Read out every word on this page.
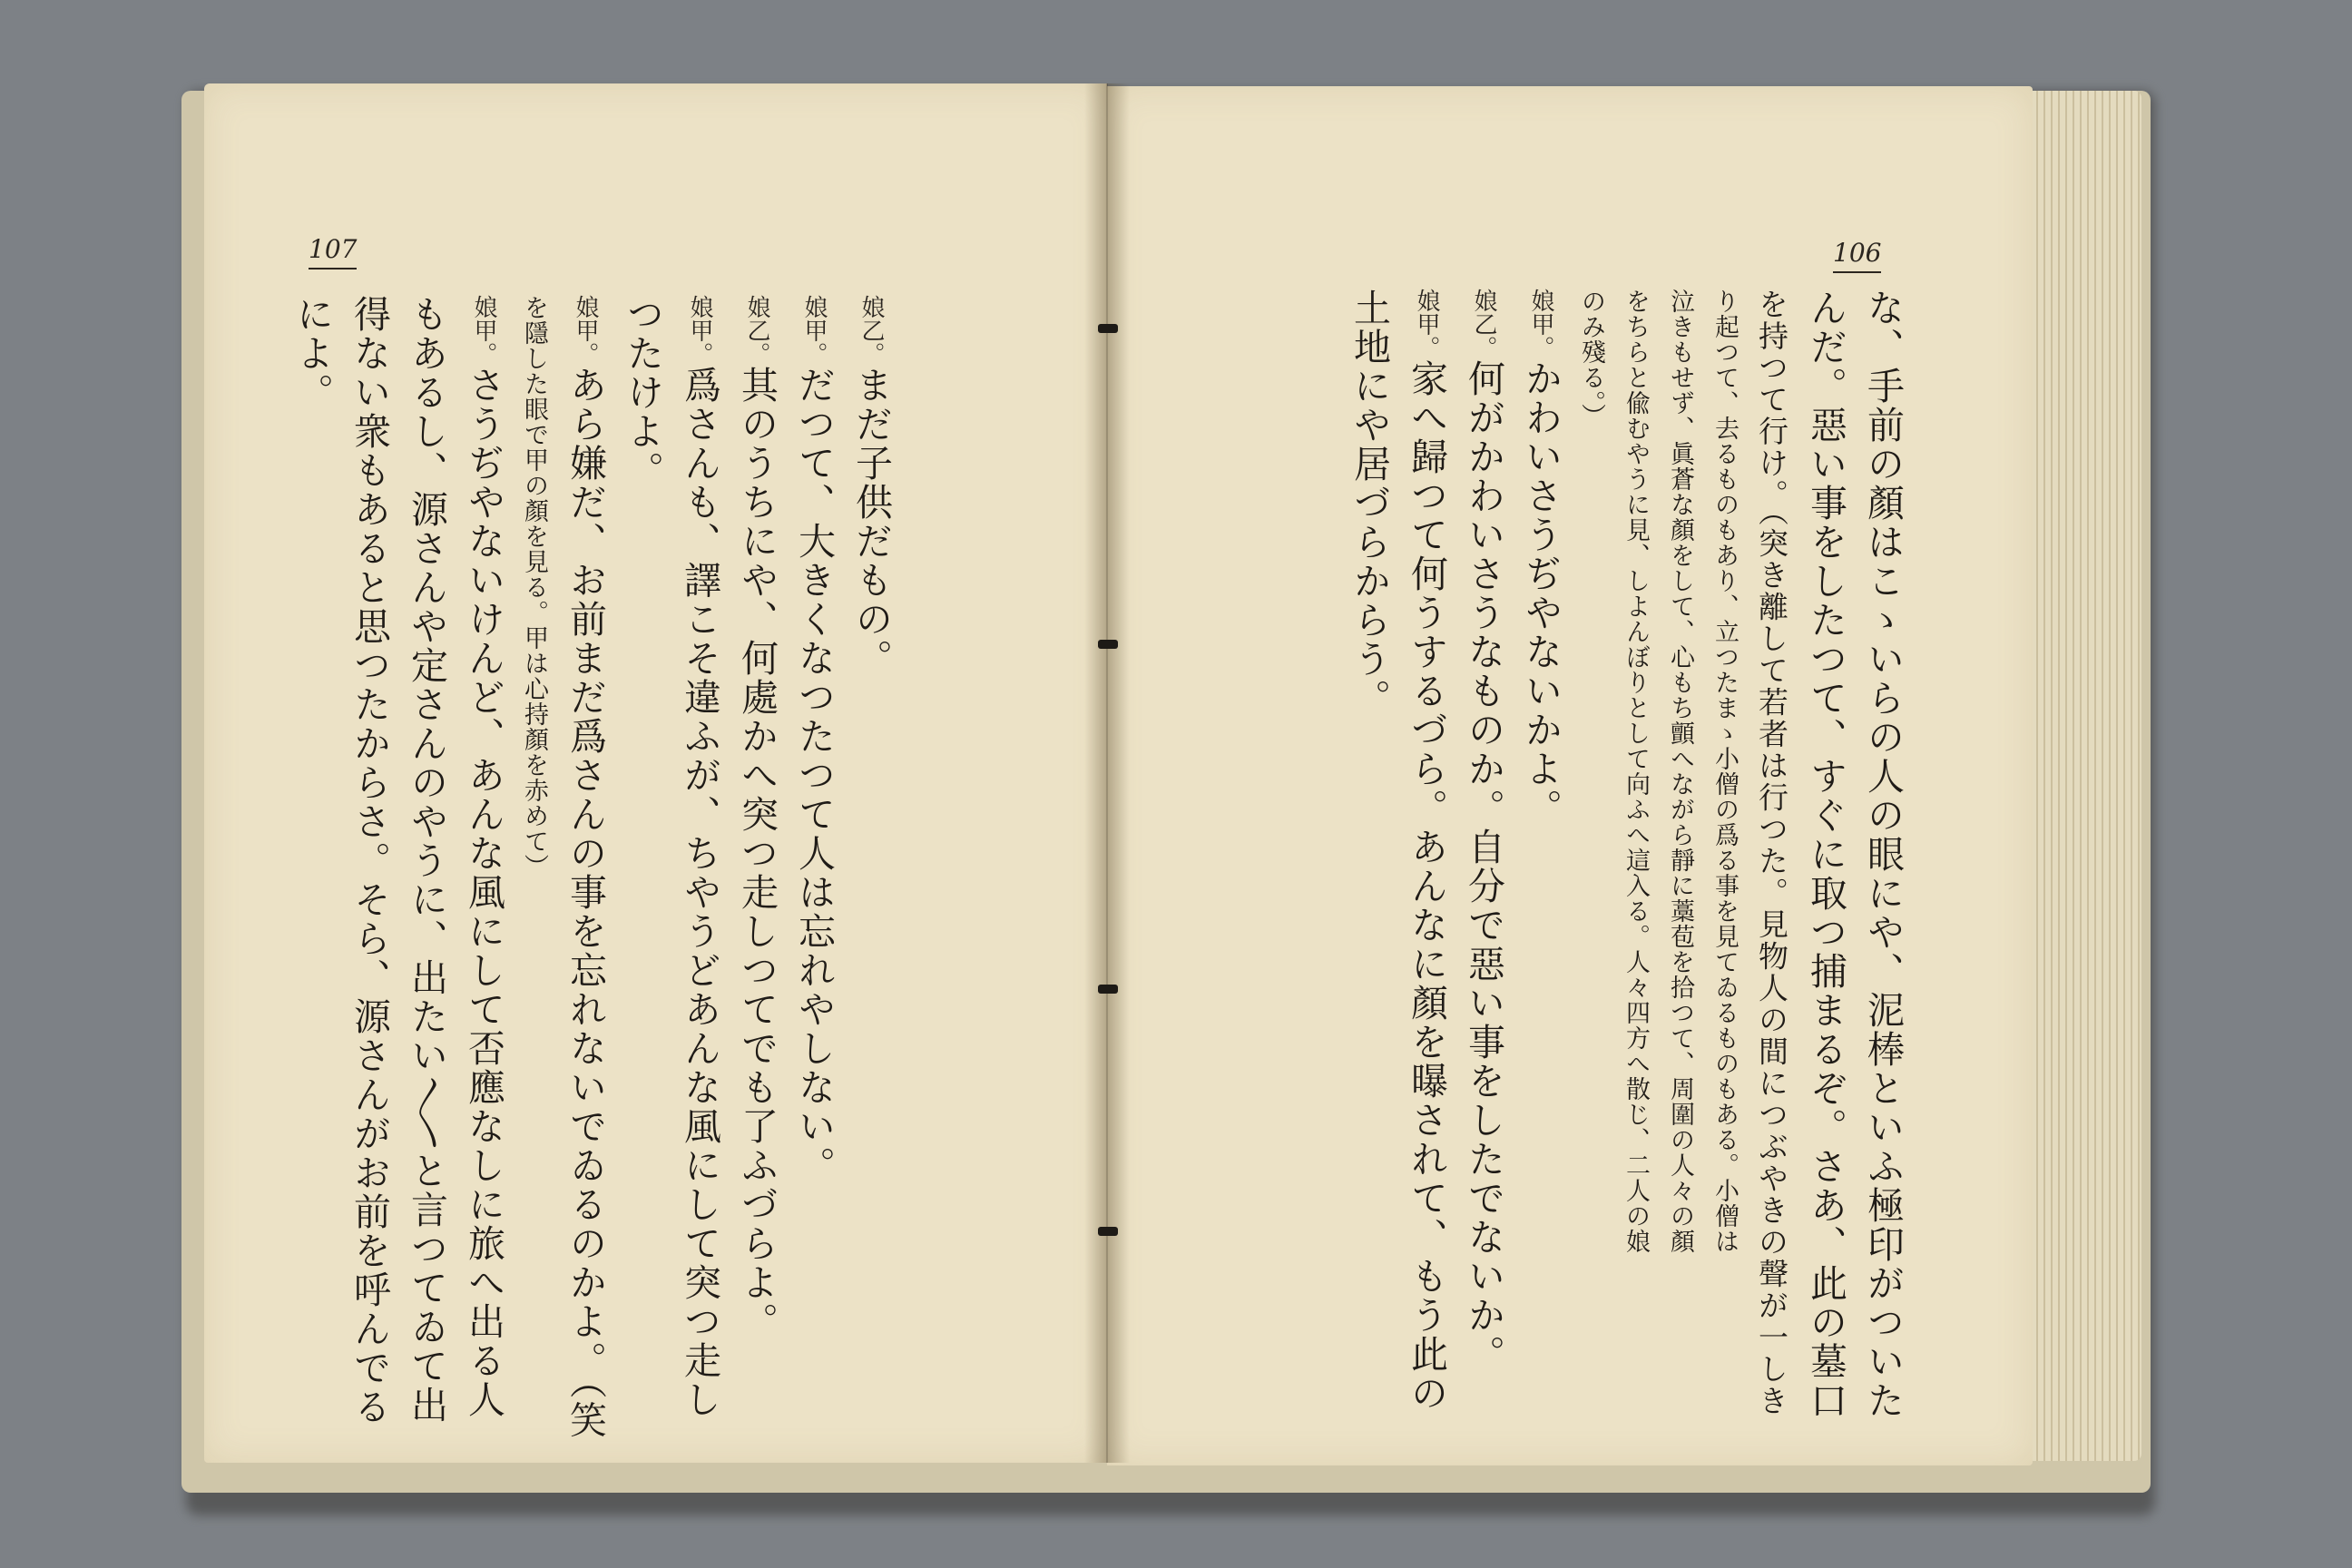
107	106
娘乙。まだ子供だもの。
娘甲。だつて、大きくなつたつて人は忘れやしない。
娘乙。其のうちにや、何處かへ突つ走しつてでも了ふづらよ。
娘甲。爲さんも、譯こそ違ふが、ちやうどあんな風にして突つ走し
つたけよ。
娘甲。あら嫌だ、お前まだ爲さんの事を忘れないでゐるのかよ。（笑
を隱した眼で甲の顏を見る。甲は心持顏を赤めて）
娘甲。さうぢやないけんど、あんな風にして否應なしに旅へ出る人
もあるし、源さんや定さんのやうに、出たい〳〵と言つてゐて出
得ない衆もあると思つたからさ。そら、源さんがお前を呼んでる
によ。	な、手前の顏はこゝいらの人の眼にや、泥棒といふ極印がついた
んだ。惡い事をしたつて、すぐに取つ捕まるぞ。さあ、此の墓口
を持つて行け。（突き離して若者は行つた。見物人の間につぶやきの聲が一しき
り起つて、去るものもあり、立つたまゝ小僧の爲る事を見てゐるものもある。小僧は
泣きもせず、眞蒼な顏をして、心もち顫へながら靜に藁苞を拾つて、周圍の人々の顏
をちらと偸むやうに見、しよんぼりとして向ふへ這入る。人々四方へ散じ、二人の娘
のみ殘る。）
娘甲。かわいさうぢやないかよ。
娘乙。何がかわいさうなものか。自分で惡い事をしたでないか。
娘甲。家へ歸つて何うするづら。あんなに顏を曝されて、もう此の
土地にや居づらからう。
